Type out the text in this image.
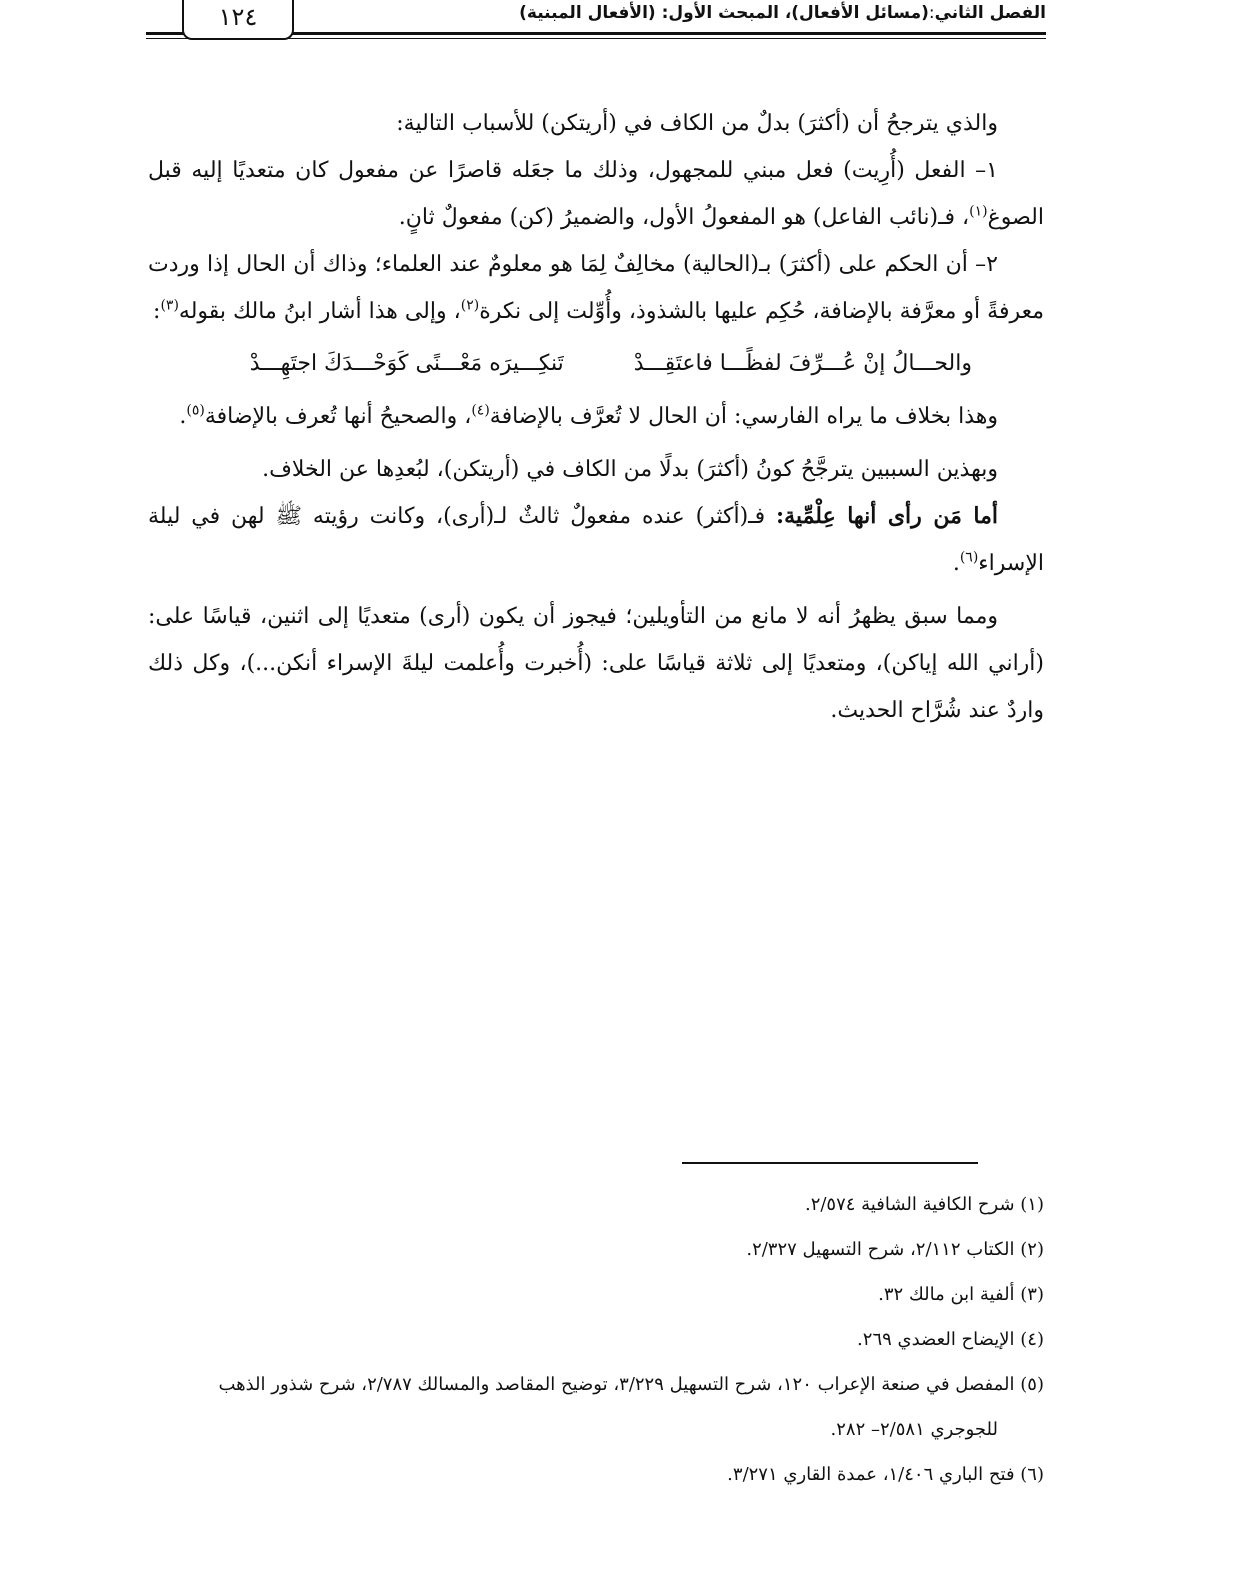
١٢٤	الفصل الثاني:(مسائل الأفعال)، المبحث الأول: (الأفعال المبنية)

والذي يترجحُ أن (أكثرَ) بدلٌ من الكاف في (أريتكن) للأسباب التالية:

١– الفعل (أُرِيت) فعل مبني للمجهول، وذلك ما جعَله قاصرًا عن مفعول كان متعديًا إليه قبل الصوغ$^{(١)}$، فـ(نائب الفاعل) هو المفعولُ الأول، والضميرُ (كن) مفعولٌ ثانٍ.

٢– أن الحكم على (أكثرَ) بـ(الحالية) مخالِفٌ لِمَا هو معلومٌ عند العلماء؛ وذاك أن الحال إذا وردت معرفةً أو معرَّفة بالإضافة، حُكِم عليها بالشذوذ، وأُوِّلت إلى نكرة$^{(٢)}$، وإلى هذا أشار ابنُ مالك بقوله$^{(٣)}$:

والحـــالُ إنْ عُـــرِّفَ لفظًـــا فاعتَقِـــدْ
تَنكِـــيرَه مَعْـــنًى كَوَحْـــدَكَ اجتَهِـــدْ

وهذا بخلاف ما يراه الفارسي: أن الحال لا تُعرَّف بالإضافة$^{(٤)}$، والصحيحُ أنها تُعرف بالإضافة$^{(٥)}$.

وبهذين السببين يترجَّحُ كونُ (أكثرَ) بدلًا من الكاف في (أريتكن)، لبُعدِها عن الخلاف.

أما مَن رأى أنها عِلْمِّية: فـ(أكثر) عنده مفعولٌ ثالثٌ لـ(أرى)، وكانت رؤيته ﷺ لهن في ليلة الإسراء$^{(٦)}$.

ومما سبق يظهرُ أنه لا مانع من التأويلين؛ فيجوز أن يكون (أرى) متعديًا إلى اثنين، قياسًا على: (أراني الله إياكن)، ومتعديًا إلى ثلاثة قياسًا على: (أُخبرت وأُعلمت ليلةَ الإسراء أنكن...)، وكل ذلك واردٌ عند شُرَّاح الحديث.

(١) شرح الكافية الشافية ٢/٥٧٤.

(٢) الكتاب ٢/١١٢، شرح التسهيل ٢/٣٢٧.

(٣) ألفية ابن مالك ٣٢.

(٤) الإيضاح العضدي ٢٦٩.

(٥) المفصل في صنعة الإعراب ١٢٠، شرح التسهيل ٣/٢٢٩، توضيح المقاصد والمسالك ٢/٧٨٧، شرح شذور الذهب
للجوجري ٢/٥٨١– ٢٨٢.

(٦) فتح الباري ١/٤٠٦، عمدة القاري ٣/٢٧١.
